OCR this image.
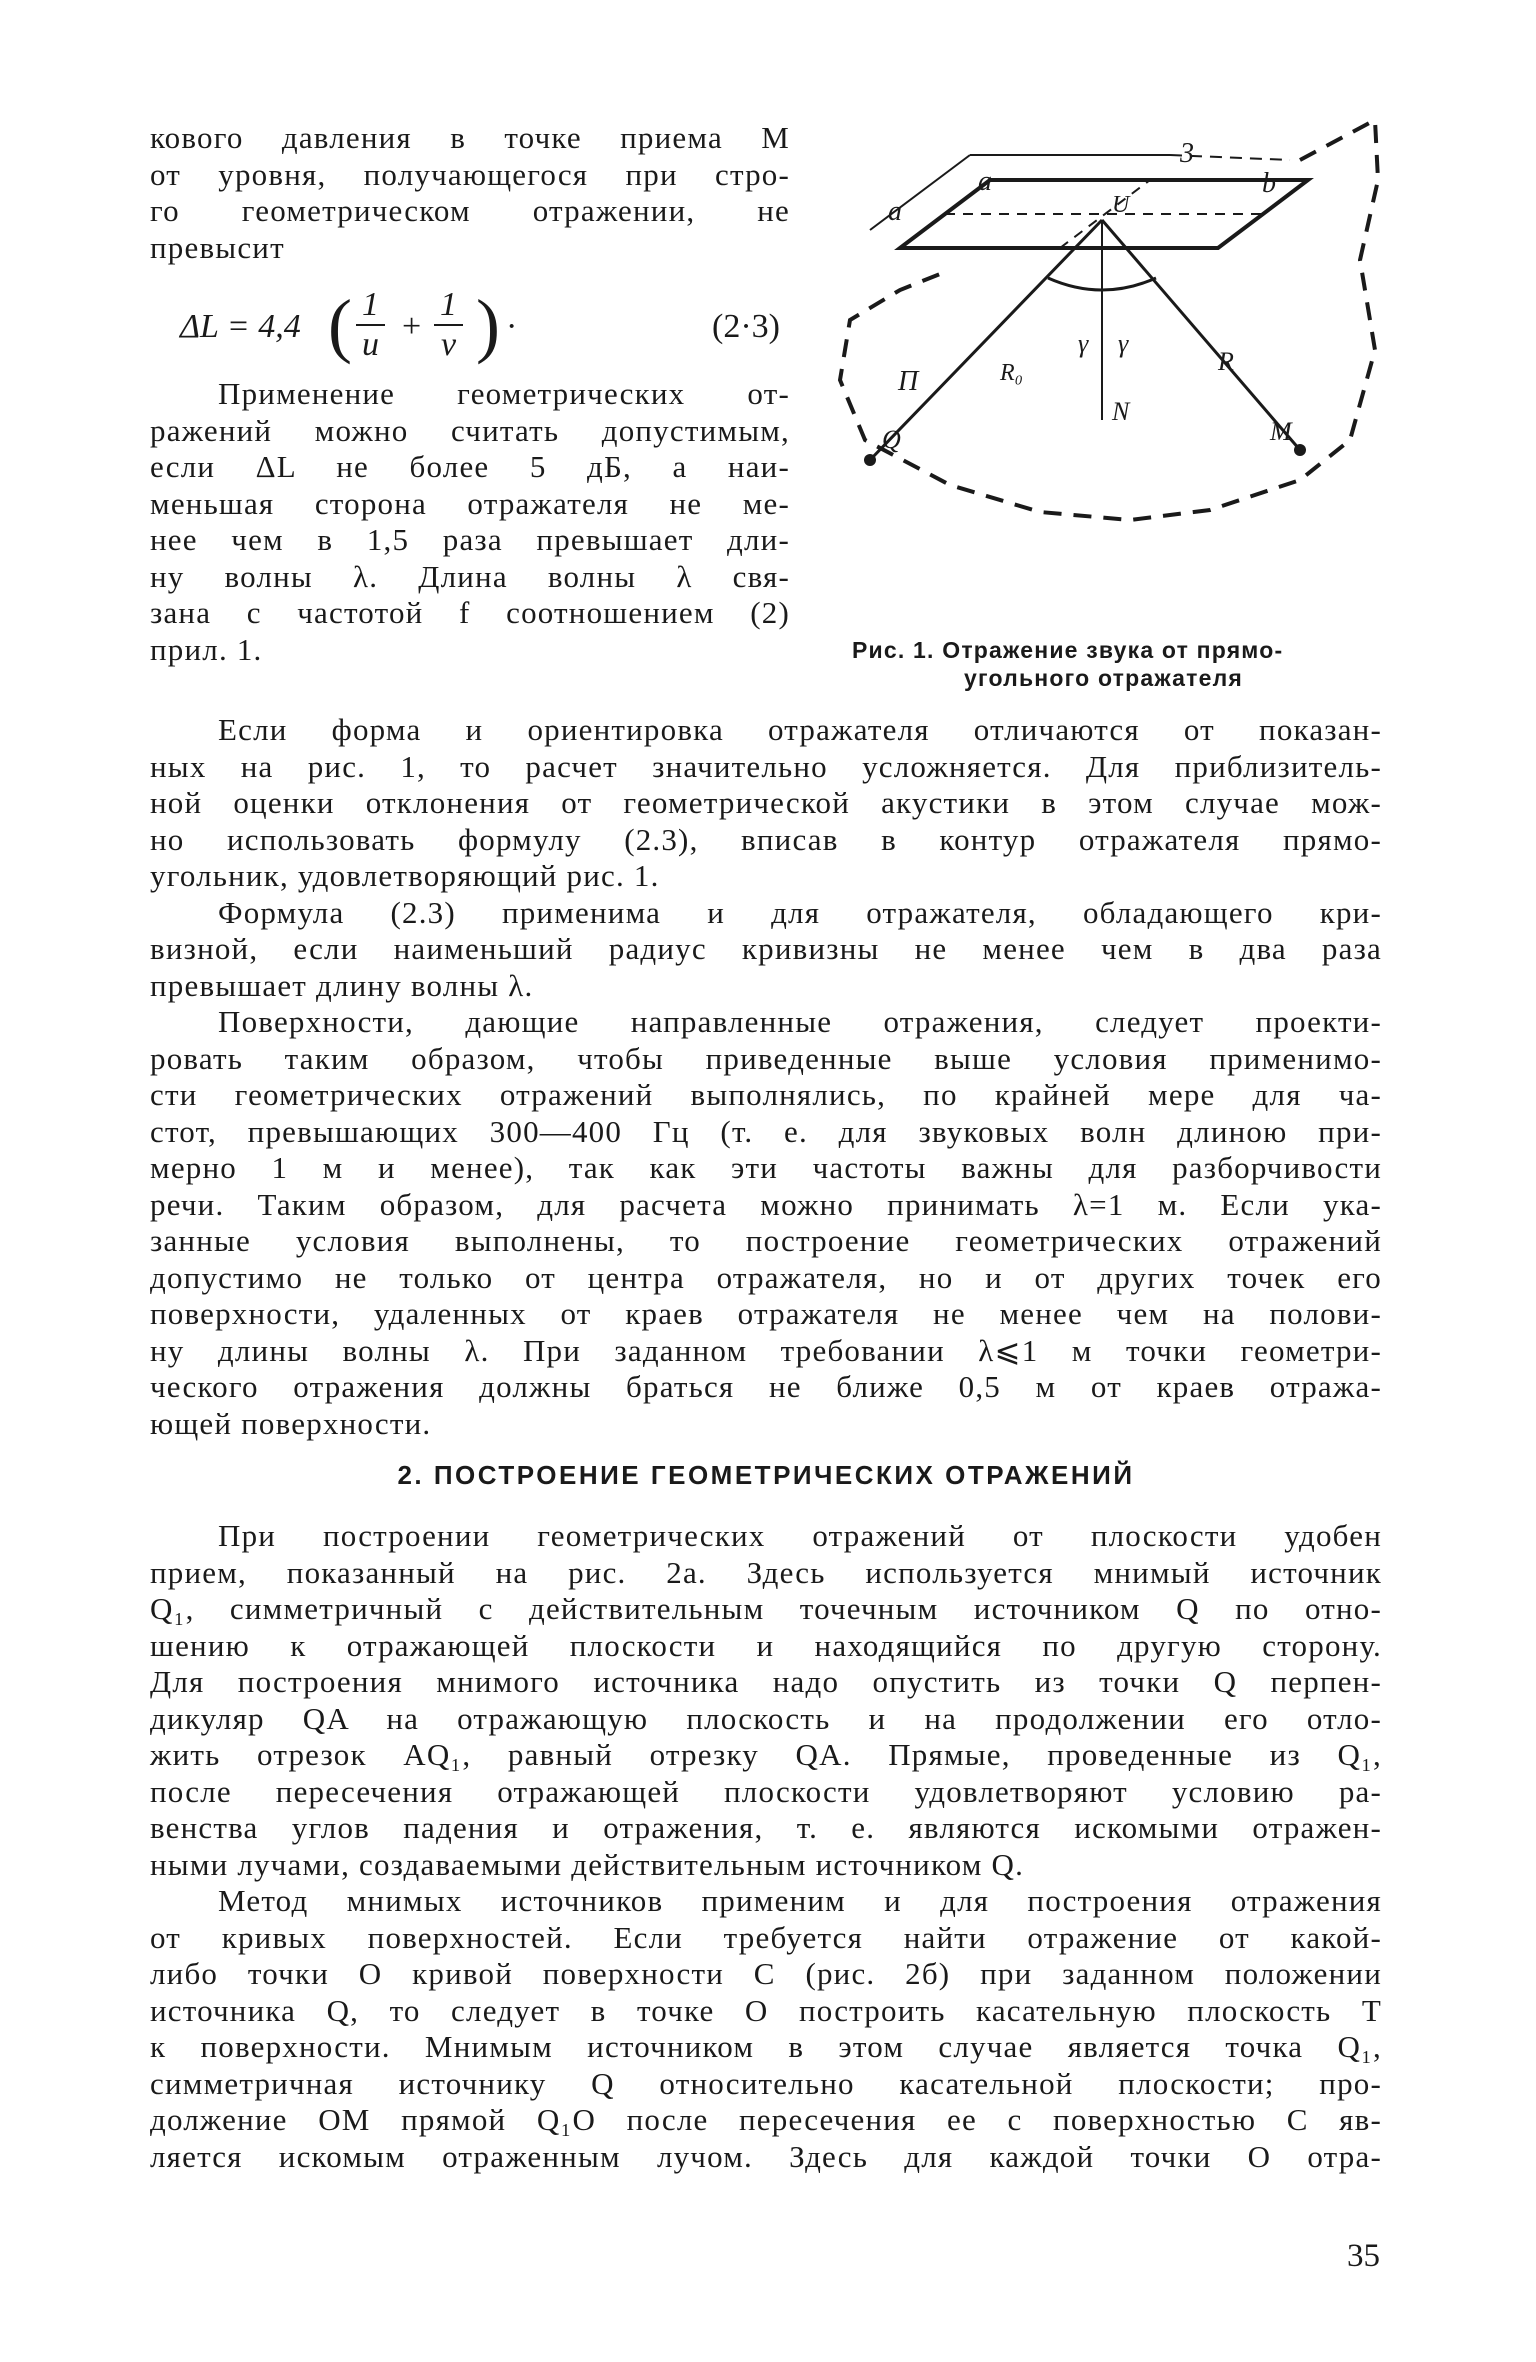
кового давления в точке приема М
от уровня, получающегося при стро-
го геометрическом отражении, не
превысит
ΔL = 4,4 ( $\frac{1}{u} + \frac{1}{v}$ ) ·	(2·3)
Применение геометрических от-
ражений можно считать допустимым,
если ΔL не более 5 дБ, а наи-
меньшая сторона отражателя не ме-
нее чем в 1,5 раза превышает дли-
ну волны λ. Длина волны λ свя-
зана с частотой f соотношением (2)
прил. 1.
a
a
3
b
U
γ γ
R₀	R
N
П
Q	M
Рис. 1. Отражение звука от прямо-
угольного отражателя
Если форма и ориентировка отражателя отличаются от показан-
ных на рис. 1, то расчет значительно усложняется. Для приблизитель-
ной оценки отклонения от геометрической акустики в этом случае мож-
но использовать формулу (2.3), вписав в контур отражателя прямо-
угольник, удовлетворяющий рис. 1.
Формула (2.3) применима и для отражателя, обладающего кри-
визной, если наименьший радиус кривизны не менее чем в два раза
превышает длину волны λ.
Поверхности, дающие направленные отражения, следует проекти-
ровать таким образом, чтобы приведенные выше условия применимо-
сти геометрических отражений выполнялись, по крайней мере для ча-
стот, превышающих 300—400 Гц (т. е. для звуковых волн длиною при-
мерно 1 м и менее), так как эти частоты важны для разборчивости
речи. Таким образом, для расчета можно принимать λ=1 м. Если ука-
занные условия выполнены, то построение геометрических отражений
допустимо не только от центра отражателя, но и от других точек его
поверхности, удаленных от краев отражателя не менее чем на полови-
ну длины волны λ. При заданном требовании λ⩽1 м точки геометри-
ческого отражения должны браться не ближе 0,5 м от краев отража-
ющей поверхности.
2. ПОСТРОЕНИЕ ГЕОМЕТРИЧЕСКИХ ОТРАЖЕНИЙ
При построении геометрических отражений от плоскости удобен
прием, показанный на рис. 2а. Здесь используется мнимый источник
Q₁, симметричный с действительным точечным источником Q по отно-
шению к отражающей плоскости и находящийся по другую сторону.
Для построения мнимого источника надо опустить из точки Q перпен-
дикуляр QA на отражающую плоскость и на продолжении его отло-
жить отрезок AQ₁, равный отрезку QA. Прямые, проведенные из Q₁,
после пересечения отражающей плоскости удовлетворяют условию ра-
венства углов падения и отражения, т. е. являются искомыми отражен-
ными лучами, создаваемыми действительным источником Q.
Метод мнимых источников применим и для построения отражения
от кривых поверхностей. Если требуется найти отражение от какой-
либо точки O кривой поверхности C (рис. 2б) при заданном положении
источника Q, то следует в точке O построить касательную плоскость T
к поверхности. Мнимым источником в этом случае является точка Q₁,
симметричная источнику Q относительно касательной плоскости; про-
должение OM прямой Q₁O после пересечения ее с поверхностью C яв-
ляется искомым отраженным лучом. Здесь для каждой точки O отра-
35
